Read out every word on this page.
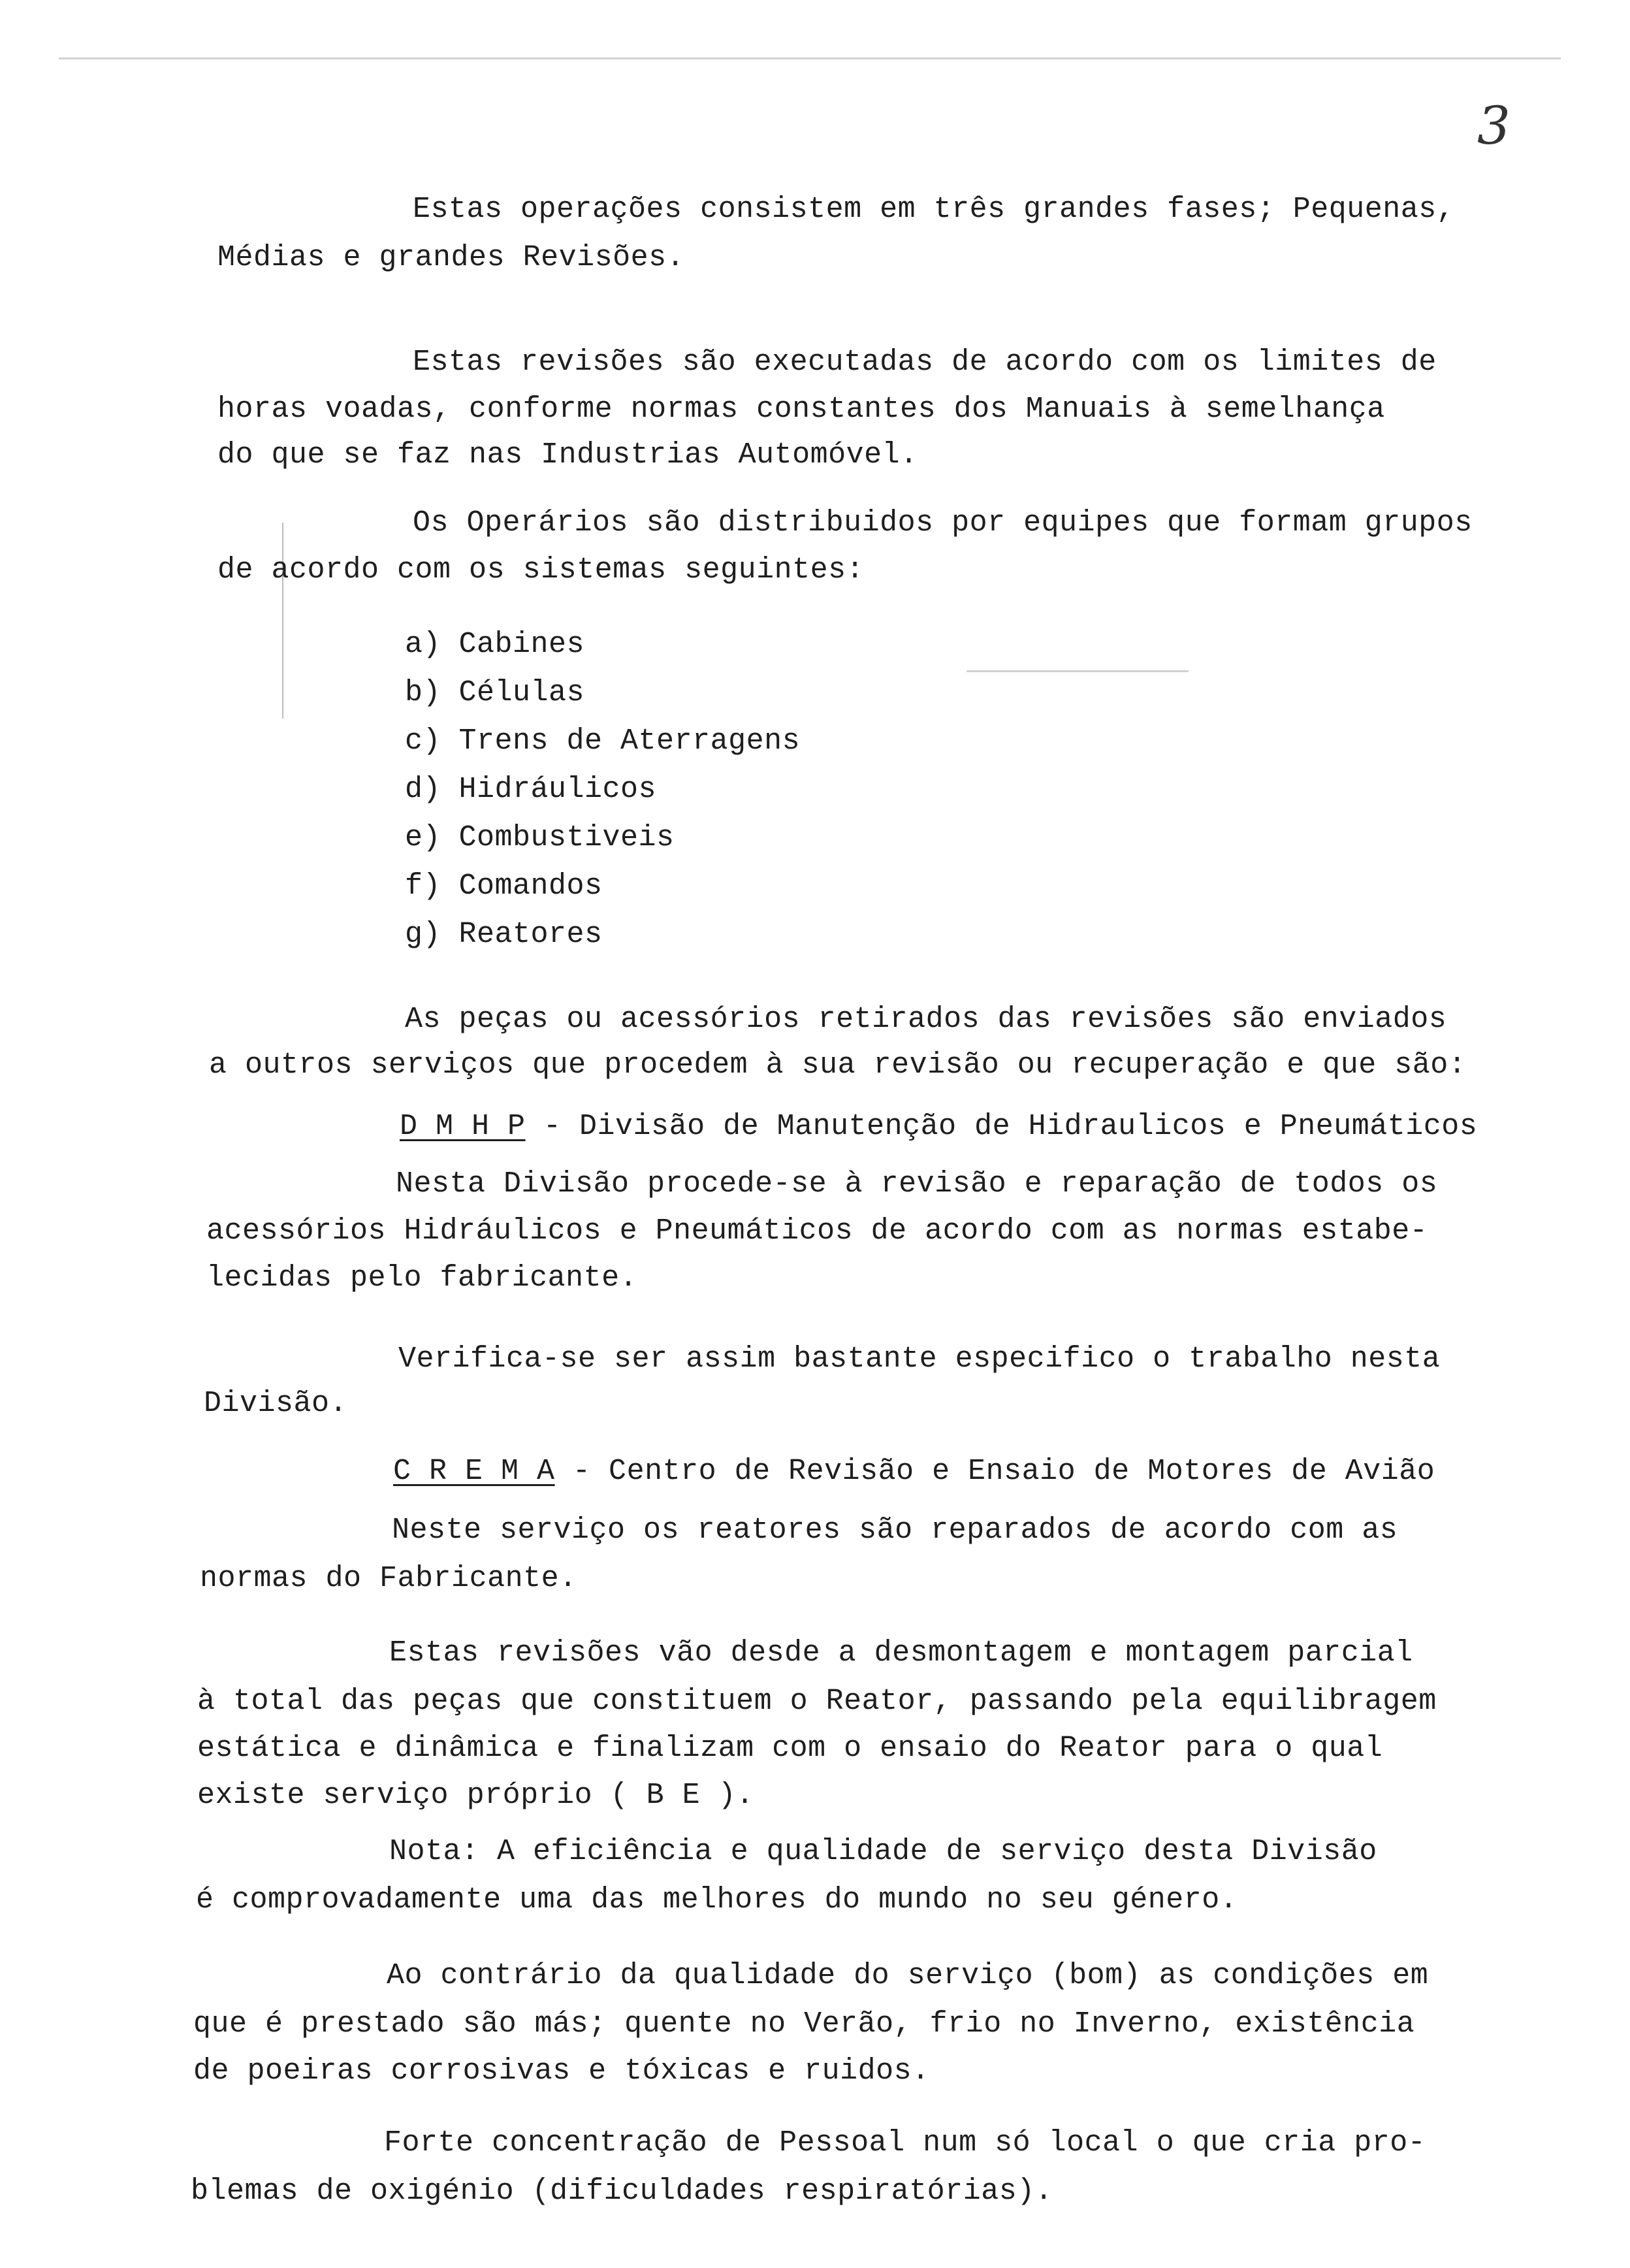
3
Estas operações consistem em três grandes fases; Pequenas,
Médias e grandes Revisões.
Estas revisões são executadas de acordo com os limites de
horas voadas, conforme normas constantes dos Manuais à semelhança
do que se faz nas Industrias Automóvel.
Os Operários são distribuidos por equipes que formam grupos
de acordo com os sistemas seguintes:
a) Cabines
b) Células
c) Trens de Aterragens
d) Hidráulicos
e) Combustiveis
f) Comandos
g) Reatores
As peças ou acessórios retirados das revisões são enviados
a outros serviços que procedem à sua revisão ou recuperação e que são:
D M H P - Divisão de Manutenção de Hidraulicos e Pneumáticos
Nesta Divisão procede-se à revisão e reparação de todos os
acessórios Hidráulicos e Pneumáticos de acordo com as normas estabe-
lecidas pelo fabricante.
Verifica-se ser assim bastante especifico o trabalho nesta
Divisão.
C R E M A - Centro de Revisão e Ensaio de Motores de Avião
Neste serviço os reatores são reparados de acordo com as
normas do Fabricante.
Estas revisões vão desde a desmontagem e montagem parcial
à total das peças que constituem o Reator, passando pela equilibragem
estática e dinâmica e finalizam com o ensaio do Reator para o qual
existe serviço próprio ( B E ).
Nota: A eficiência e qualidade de serviço desta Divisão
é comprovadamente uma das melhores do mundo no seu género.
Ao contrário da qualidade do serviço (bom) as condições em
que é prestado são más; quente no Verão, frio no Inverno, existência
de poeiras corrosivas e tóxicas e ruidos.
Forte concentração de Pessoal num só local o que cria pro-
blemas de oxigénio (dificuldades respiratórias).
